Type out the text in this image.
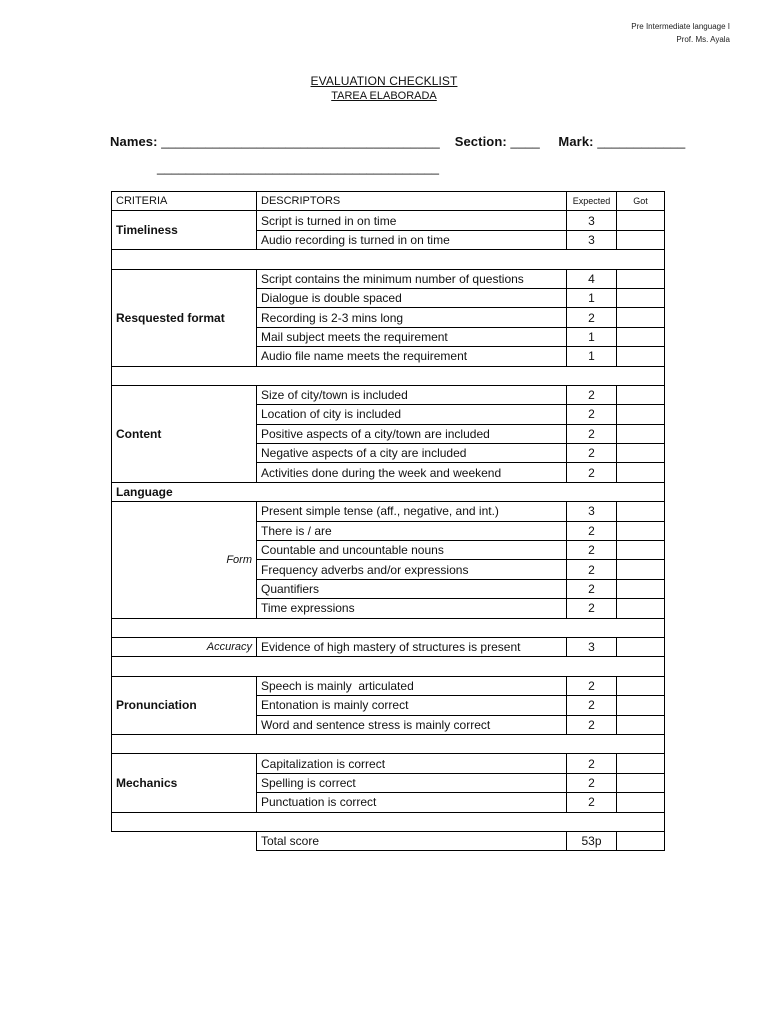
Pre Intermediate language I
Prof. Ms. Ayala
EVALUATION CHECKLIST
TAREA ELABORADA
Names: ______________________________________ Section: ____ Mark: ____________
_______________________________________
CRITERIA	DESCRIPTORS	Expected	Got
Timeliness	Script is turned in on time	3	
	Audio recording is turned in on time	3	

Resquested format	Script contains the minimum number of questions	4	
	Dialogue is double spaced	1	
	Recording is 2-3 mins long	2	
	Mail subject meets the requirement	1	
	Audio file name meets the requirement	1	

Content	Size of city/town is included	2	
	Location of city is included	2	
	Positive aspects of a city/town are included	2	
	Negative aspects of a city are included	2	
	Activities done during the week and weekend	2	
Language			
Form	Present simple tense (aff., negative, and int.)	3	
	There is / are	2	
	Countable and uncountable nouns	2	
	Frequency adverbs and/or expressions	2	
	Quantifiers	2	
	Time expressions	2	

Accuracy	Evidence of high mastery of structures is present	3	

Pronunciation	Speech is mainly  articulated	2	
	Entonation is mainly correct	2	
	Word and sentence stress is mainly correct	2	

Mechanics	Capitalization is correct	2	
	Spelling is correct	2	
	Punctuation is correct	2	

	Total score	53p	
